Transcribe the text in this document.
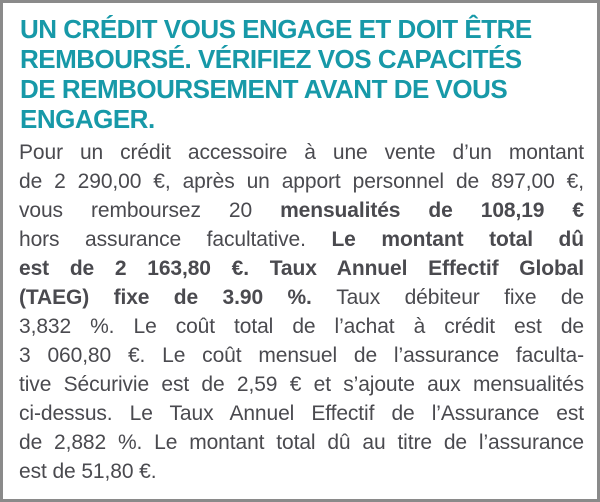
UN CRÉDIT VOUS ENGAGE ET DOIT ÊTRE
REMBOURSÉ. VÉRIFIEZ VOS CAPACITÉS
DE REMBOURSEMENT AVANT DE VOUS
ENGAGER.

Pour un crédit accessoire à une vente d’un montant
de 2 290,00 €, après un apport personnel de 897,00 €,
vous remboursez 20 mensualités de 108,19 €
hors assurance facultative. Le montant total dû
est de 2 163,80 €. Taux Annuel Effectif Global
(TAEG) fixe de 3.90 %. Taux débiteur fixe de
3,832 %. Le coût total de l’achat à crédit est de
3 060,80 €. Le coût mensuel de l’assurance faculta-
tive Sécurivie est de 2,59 € et s’ajoute aux mensualités
ci-dessus. Le Taux Annuel Effectif de l’Assurance est
de 2,882 %. Le montant total dû au titre de l’assurance
est de 51,80 €.
